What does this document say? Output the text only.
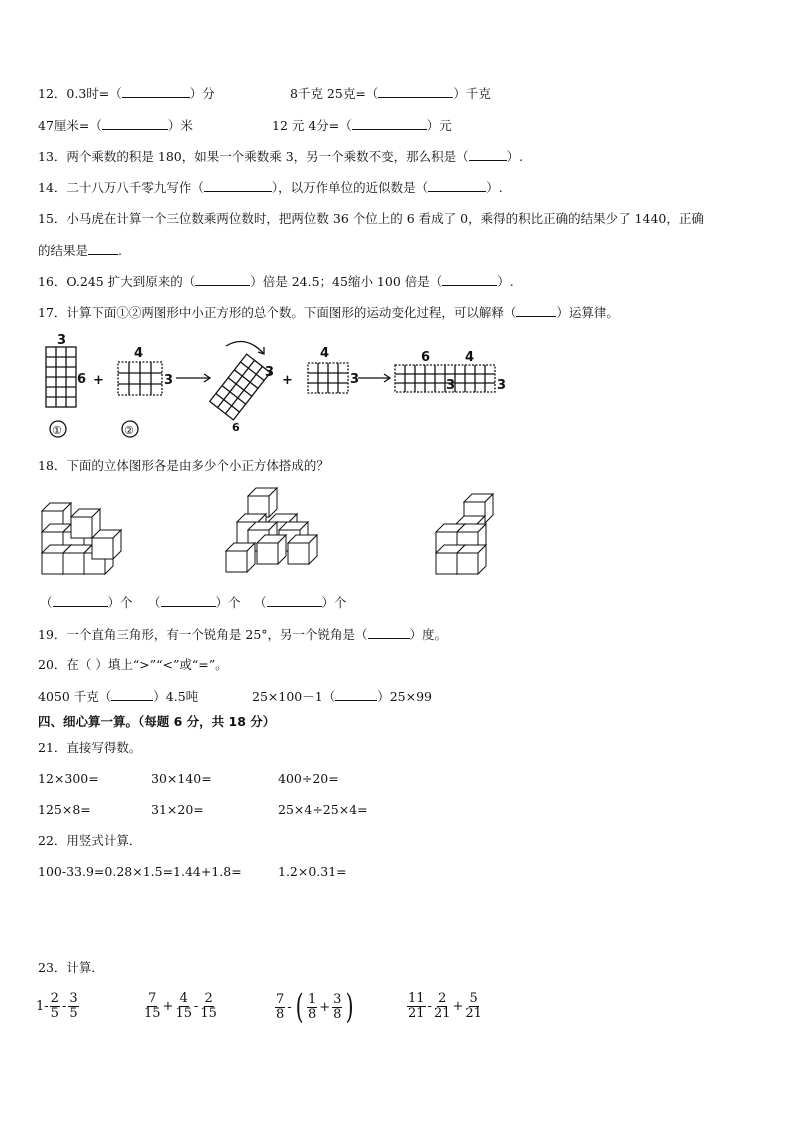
12．0.3时=（	）分	8千克 25克=（	）千克
47厘米=（	）米	12 元 4分=（	）元
13．两个乘数的积是 180，如果一个乘数乘 3，另一个乘数不变，那么积是（	）.
14．二十八万八千零九写作（	），以万作单位的近似数是（	）.
15．小马虎在计算一个三位数乘两位数时，把两位数 36 个位上的 6 看成了 0，乘得的积比正确的结果少了 1440，正确
的结果是 .
16．O.245 扩大到原来的（	）倍是 24.5；45缩小 100 倍是（	）.
17．计算下面①②两图形中小正方形的总个数。下面图形的运动变化过程，可以解释（	）运算律。
3
6 +
4
3
3
6
+
4
3
6	4
3	3
①	②
18．下面的立体图形各是由多少个小正方体搭成的？
（	）个 （	）个 （	）个
19．一个直角三角形，有一个锐角是 25°，另一个锐角是（	）度。
20．在（ ）填上“>”“<”或“=”。
4050 千克（	）4.5吨	25×100－1（	）25×99
四、细心算一算。（每题 6 分，共 18 分）
21．直接写得数。
12×300=	30×140=	400÷20=
125×8=	31×20=	25×4÷25×4=
22．用竖式计算．
100-33.9=0.28×1.5=1.44+1.8=	1.2×0.31=
23．计算．
$1- \frac{2}{5} - \frac{3}{5}$	$\frac{7}{15} + \frac{4}{15} - \frac{2}{15}$	$\frac{7}{8}$ - ( $\frac{1}{8} + \frac{3}{8}$ )	$\frac{11}{21} - \frac{2}{21} + \frac{5}{21}$
